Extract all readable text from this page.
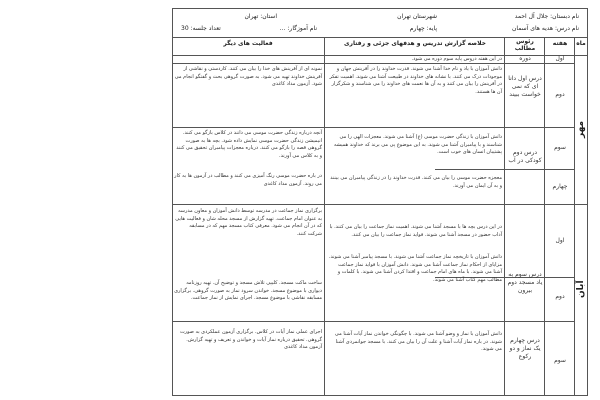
نام دبستان: جلال آل احمد
شهرستان تهران
استان: تهران
تعداد جلسه: 30	نام درس: هدیه های آسمان
پایه: چهارم
نام آموزگار: ...
ماه
هفته
رئوس مطالب
خلاصه گزارش تدریس و هدفهای جزئی و رفتاری
فعالیت های دیگر
مهر
آبان
اول
دوره
در این هفته دروس پایه سوم دوره می شود.
دوم
درس اول دانا ای که نمی خواست ببیند
دانش آموزان با یاد و نام خدا آشنا می شوند. قدرت خداوند را در آفرینش جهان و موجودات درک می کنند. با نشانه های خداوند در طبیعت آشنا می شوند. اهمیت تفکر در آفرینش را بیان می کنند و به آن ها نعمت های خداوند را می شناسند و شکرگزار آن ها هستند.
نمونه ای از آفرینش های خدا را بیان می کنند. کاردستی و نقاشی از آفرینش خداوند تهیه می شود. به صورت گروهی بحث و گفتگو انجام می شود. آزمون مداد کاغذی
سوم
درس دوم کودکی در آب
دانش آموزان با زندگی حضرت موسی (ع) آشنا می شوند. معجزات الهی را می شناسند و با پیامبران آشنا می شوند. به این موضوع پی می برند که خداوند همیشه پشتیبان انسان های خوب است.
آنچه درباره زندگی حضرت موسی می دانند در کلاس بازگو می کنند. انیمیشن زندگی حضرت موسی نمایش داده شود. بچه ها به صورت گروهی قصه را بازگو می کنند. درباره معجزات پیامبران تحقیق می کنند و به کلاس می آورند.
چهارم
معجزه حضرت موسی را بیان می کنند. قدرت خداوند را در زندگی پیامبران می بینند و به آن ایمان می آورند.
در باره حضرت موسی رنگ آمیزی می کنند و مطالب در آزمون ها به کار می روند. آزمون مداد کاغذی
اول
در این درس بچه ها با مسجد آشنا می شوند. اهمیت نماز جماعت را بیان می کنند. با آداب حضور در مسجد آشنا می شوند. فواید نماز جماعت را بیان می کنند.
برگزاری نماز جماعت در مدرسه توسط دانش آموزان و معاون مدرسه به عنوان امام جماعت. تهیه گزارش از مسجد محله شان و فعالیت هایی که در آن انجام می شود. معرفی کتاب مسجد مهم که در مسابقه شرکت کنند.
دوم
درس سوم به یاد مسجد دوم بیرون
دانش آموزان با تاریخچه نماز جماعت آشنا می شوند. با مسجد پیامبر آشنا می شوند. مزایای از احکام نماز جماعت آشنا می شوند. دانش آموزان با فواید نماز جماعت آشنا می شوند. با ماه های امام جماعت و اقتدا کردن آشنا می شوند. با کلمات و مطالب مهم کتاب آشنا می شوند.
ساخت ماکت مسجد. کلیپی تلاش مسجد و توضیح آن. تهیه روزنامه دیواری با موضوع مسجد. خواندن سرود نماز به صورت گروهی. برگزاری مسابقه نقاشی با موضوع مسجد. اجرای نمایش از نماز جماعت.
سوم
درس چهارم یک نماز و دو رکوع
دانش آموزان با نماز و وضو آشنا می شوند. با چگونگی خواندن نماز آیات آشنا می شوند. در باره نماز آیات آشنا و علت آن را بیان می کنند. با مسجد جوانمردی آشنا می شوند.
اجرای عملی نماز آیات در کلاس. برگزاری آزمون عملکردی به صورت گروهی. تحقیق درباره نماز آیات و خواندن و تعریف و تهیه گزارش. آزمون مداد کاغذی
